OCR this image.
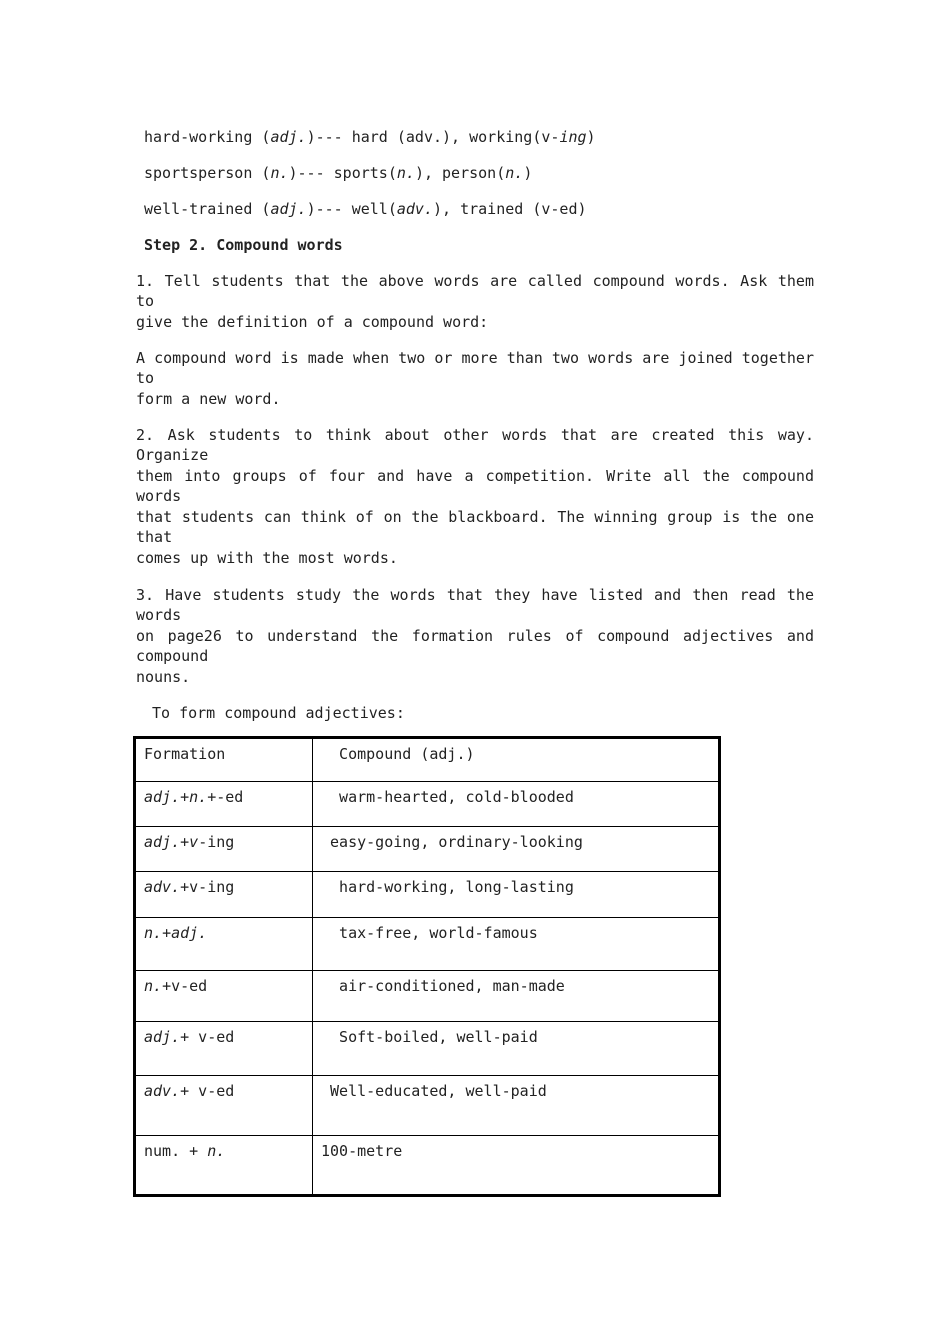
hard-working (adj.)--- hard (adv.), working(v-ing)
sportsperson (n.)--- sports(n.), person(n.)
well-trained (adj.)--- well(adv.), trained (v-ed)
Step 2. Compound words
1. Tell students that the above words are called compound words. Ask them to
give the definition of a compound word:
A compound word is made when two or more than two words are joined together to
form a new word.
2. Ask students to think about other words that are created this way. Organize
them into groups of four and have a competition. Write all the compound words
that students can think of on the blackboard. The winning group is the one that
comes up with the most words.
3. Have students study the words that they have listed and then read the words
on page26 to understand the formation rules of compound adjectives and compound
nouns.
To form compound adjectives:
Formation	Compound (adj.)
adj.+n.+-ed	warm-hearted, cold-blooded
adj.+v-ing	easy-going, ordinary-looking
adv.+v-ing	hard-working, long-lasting
n.+adj.	tax-free, world-famous
n.+v-ed	air-conditioned, man-made
adj.+ v-ed	Soft-boiled, well-paid
adv.+ v-ed	Well-educated, well-paid
num. + n.	100-metre
